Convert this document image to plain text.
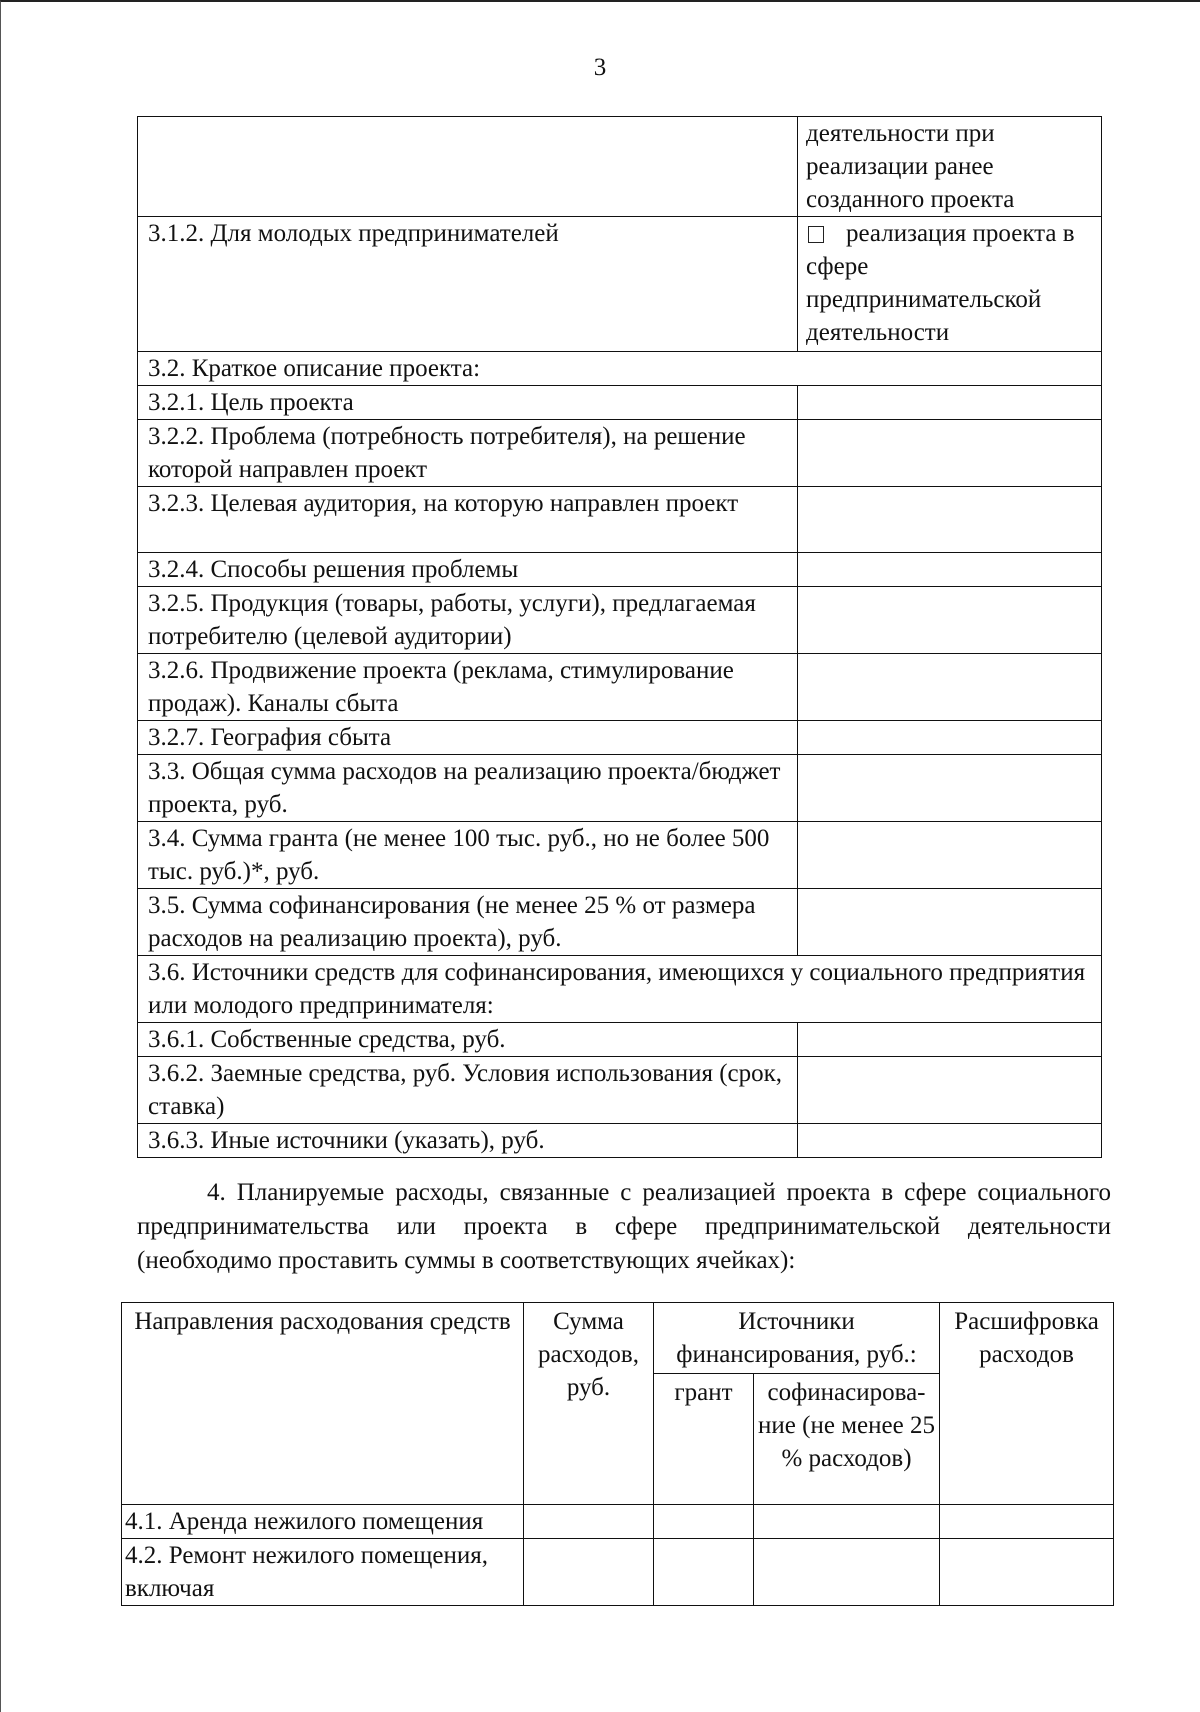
3
	деятельности при реализации ранее созданного проекта
3.1.2. Для молодых предпринимателей	реализация проекта в сфере предпринимательской деятельности
3.2. Краткое описание проекта:	
3.2.1. Цель проекта	
3.2.2. Проблема (потребность потребителя), на решение которой направлен проект	
3.2.3. Целевая аудитория, на которую направлен проект	
3.2.4. Способы решения проблемы	
3.2.5. Продукция (товары, работы, услуги), предлагаемая потребителю (целевой аудитории)	
3.2.6. Продвижение проекта (реклама, стимулирование продаж). Каналы сбыта	
3.2.7. География сбыта	
3.3. Общая сумма расходов на реализацию проекта/бюджет проекта, руб.	
3.4. Сумма гранта (не менее 100 тыс. руб., но не более 500 тыс. руб.)*, руб.	
3.5. Сумма софинансирования (не менее 25 % от размера расходов на реализацию проекта), руб.	
3.6. Источники средств для софинансирования, имеющихся у социального предприятия или молодого предпринимателя:	
3.6.1. Собственные средства, руб.	
3.6.2. Заемные средства, руб. Условия использования (срок, ставка)	
3.6.3. Иные источники (указать), руб.	

4. Планируемые расходы, связанные с реализацией проекта в сфере социального предпринимательства или проекта в сфере предпринимательской деятельности (необходимо проставить суммы в соответствующих ячейках):

Направления расходования средств	Сумма расходов, руб.	Источники финансирования, руб.:		Расшифровка расходов
		грант	софинасирова-ние (не менее 25 % расходов)	
4.1. Аренда нежилого помещения				
4.2. Ремонт нежилого помещения, включая				
